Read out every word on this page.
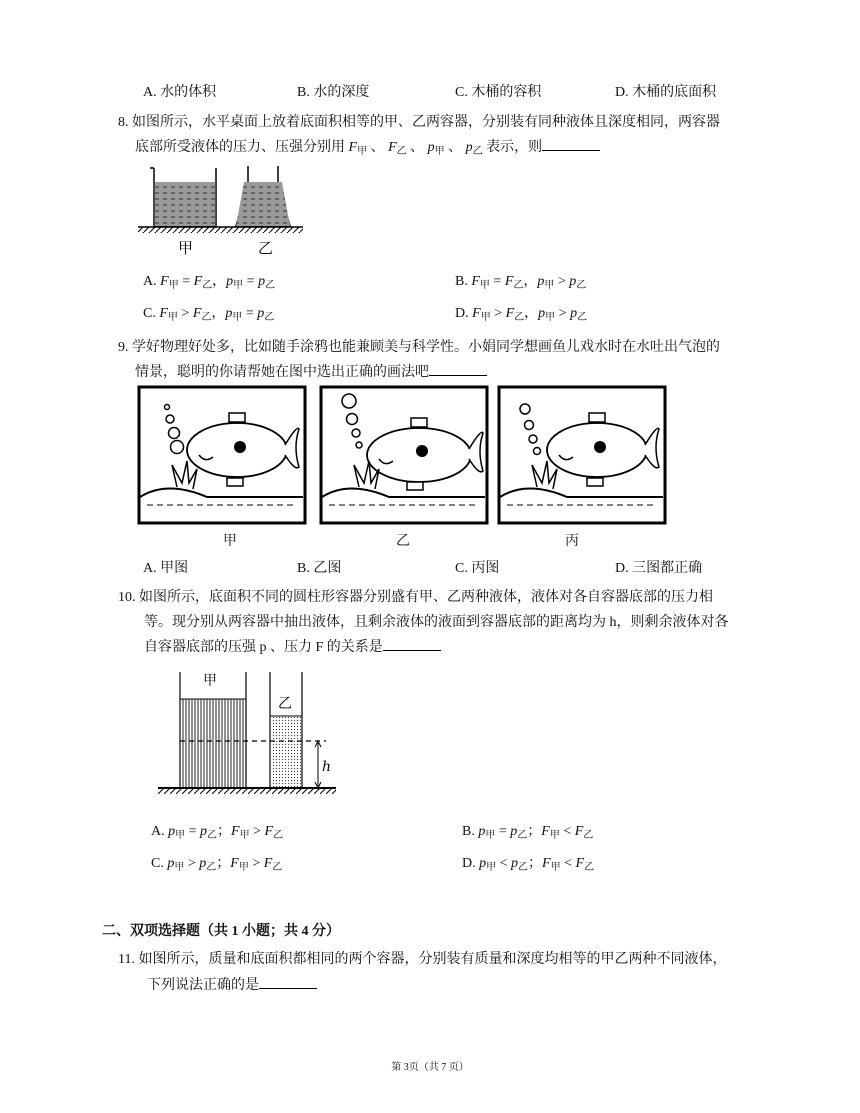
A. 水的体积	B. 水的深度	C. 木桶的容积	D. 木桶的底面积
8. 如图所示，水平桌面上放着底面积相等的甲、乙两容器，分别装有同种液体且深度相同，两容器
底部所受液体的压力、压强分别用 $F_甲$ 、 $F_乙$ 、 $p_甲$ 、 $p_乙$ 表示，则
甲	乙
A. $F_甲 = F_乙$，$p_甲 = p_乙$	B. $F_甲 = F_乙$，$p_甲 > p_乙$
C. $F_甲 > F_乙$，$p_甲 = p_乙$	D. $F_甲 > F_乙$，$p_甲 > p_乙$
9. 学好物理好处多，比如随手涂鸦也能兼顾美与科学性。小娟同学想画鱼儿戏水时在水吐出气泡的
情景，聪明的你请帮她在图中选出正确的画法吧
甲	乙	丙
A. 甲图	B. 乙图	C. 丙图	D. 三图都正确
10. 如图所示，底面积不同的圆柱形容器分别盛有甲、乙两种液体，液体对各自容器底部的压力相
等。现分别从两容器中抽出液体，且剩余液体的液面到容器底部的距离均为 h，则剩余液体对各
自容器底部的压强 p 、压力 F 的关系是
甲
乙
h
A. $p_甲 = p_乙$；$F_甲 > F_乙$	B. $p_甲 = p_乙$；$F_甲 < F_乙$
C. $p_甲 > p_乙$；$F_甲 > F_乙$	D. $p_甲 < p_乙$；$F_甲 < F_乙$
二、双项选择题（共 1 小题；共 4 分）
11. 如图所示，质量和底面积都相同的两个容器，分别装有质量和深度均相等的甲乙两种不同液体，
下列说法正确的是
第 3页（共 7 页）
